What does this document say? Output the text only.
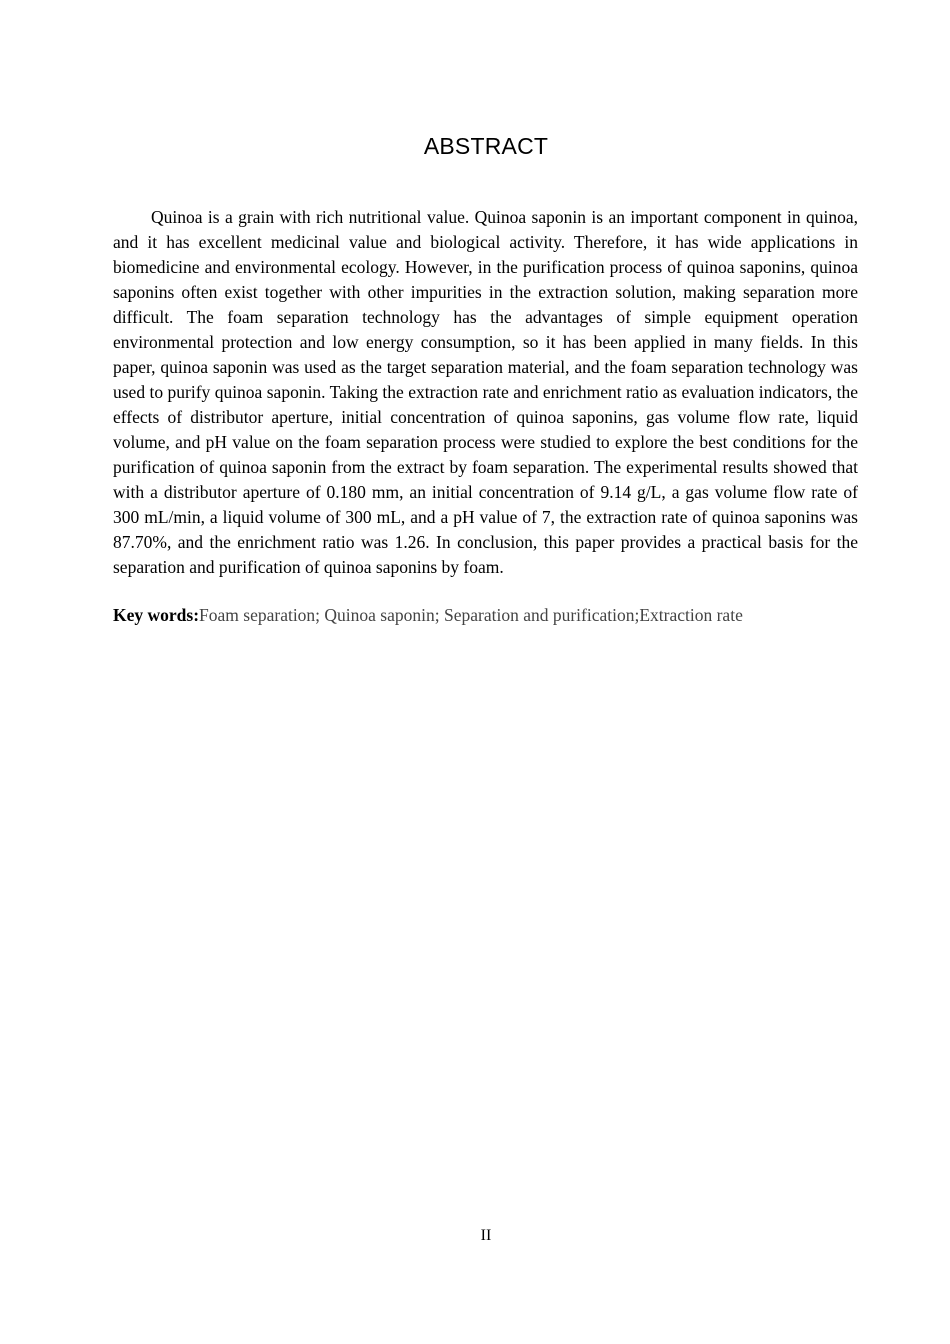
ABSTRACT

Quinoa is a grain with rich nutritional value. Quinoa saponin is an important component in quinoa, and it has excellent medicinal value and biological activity. Therefore, it has wide applications in biomedicine and environmental ecology. However, in the purification process of quinoa saponins, quinoa saponins often exist together with other impurities in the extraction solution, making separation more difficult. The foam separation technology has the advantages of simple equipment operation environmental protection and low energy consumption, so it has been applied in many fields. In this paper, quinoa saponin was used as the target separation material, and the foam separation technology was used to purify quinoa saponin. Taking the extraction rate and enrichment ratio as evaluation indicators, the effects of distributor aperture, initial concentration of quinoa saponins, gas volume flow rate, liquid volume, and pH value on the foam separation process were studied to explore the best conditions for the purification of quinoa saponin from the extract by foam separation. The experimental results showed that with a distributor aperture of 0.180 mm, an initial concentration of 9.14 g/L, a gas volume flow rate of 300 mL/min, a liquid volume of 300 mL, and a pH value of 7, the extraction rate of quinoa saponins was 87.70%, and the enrichment ratio was 1.26. In conclusion, this paper provides a practical basis for the separation and purification of quinoa saponins by foam.

Key words:Foam separation; Quinoa saponin; Separation and purification;Extraction rate

II
